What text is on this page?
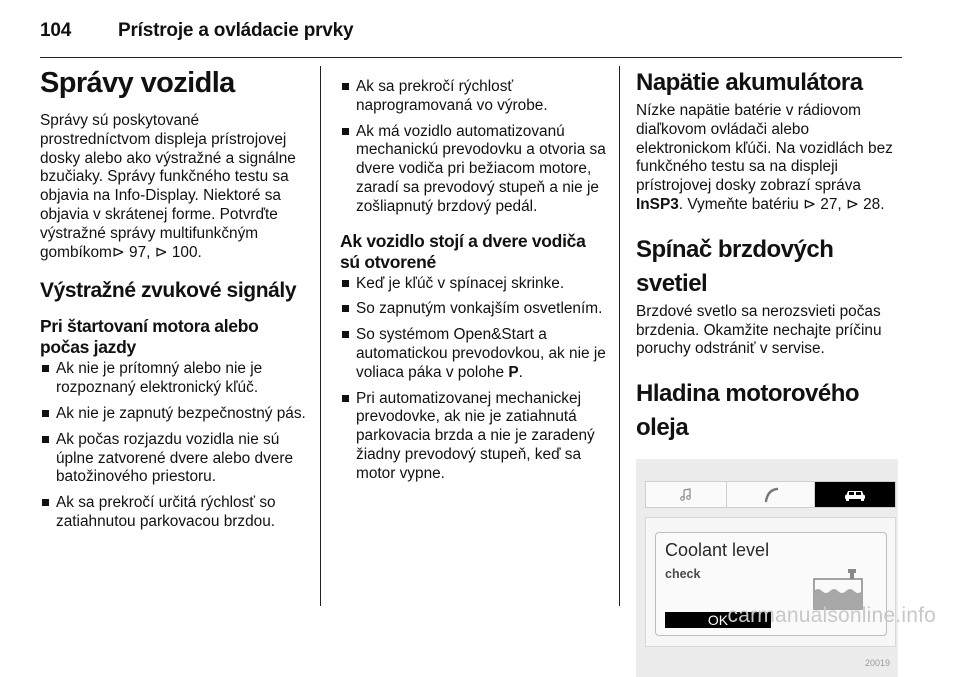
104 Prístroje a ovládacie prvky
Správy vozidla

Správy sú poskytované prostredníctvom displeja prístrojovej dosky alebo ako výstražné a signálne bzučiaky. Správy funkčného testu sa objavia na Info-Display. Niektoré sa objavia v skrátenej forme. Potvrďte výstražné správy multifunkčným gombíkom⊳ 97, ⊳ 100.

Výstražné zvukové signály
Pri štartovaní motora alebo počas jazdy
Ak nie je prítomný alebo nie je rozpoznaný elektronický kľúč.
Ak nie je zapnutý bezpečnostný pás.
Ak počas rozjazdu vozidla nie sú úplne zatvorené dvere alebo dvere batožinového priestoru.
Ak sa prekročí určitá rýchlosť so zatiahnutou parkovacou brzdou.
Ak sa prekročí rýchlosť naprogramovaná vo výrobe.
Ak má vozidlo automatizovanú mechanickú prevodovku a otvoria sa dvere vodiča pri bežiacom motore, zaradí sa prevodový stupeň a nie je zošliapnutý brzdový pedál.
Ak vozidlo stojí a dvere vodiča sú otvorené
Keď je kľúč v spínacej skrinke.
So zapnutým vonkajším osvetlením.
So systémom Open&Start a automatickou prevodovkou, ak nie je voliaca páka v polohe P.
Pri automatizovanej mechanickej prevodovke, ak nie je zatiahnutá parkovacia brzda a nie je zaradený žiadny prevodový stupeň, keď sa motor vypne.
Napätie akumulátora

Nízke napätie batérie v rádiovom diaľkovom ovládači alebo elektronickom kľúči. Na vozidlách bez funkčného testu sa na displeji prístrojovej dosky zobrazí správa InSP3. Vymeňte batériu ⊳ 27, ⊳ 28.

Spínač brzdových svetiel

Brzdové svetlo sa nerozsvieti počas brzdenia. Okamžite nechajte príčinu poruchy odstrániť v servise.

Hladina motorového oleja
Coolant level
check
OK
20019
carmanualsonline.info
